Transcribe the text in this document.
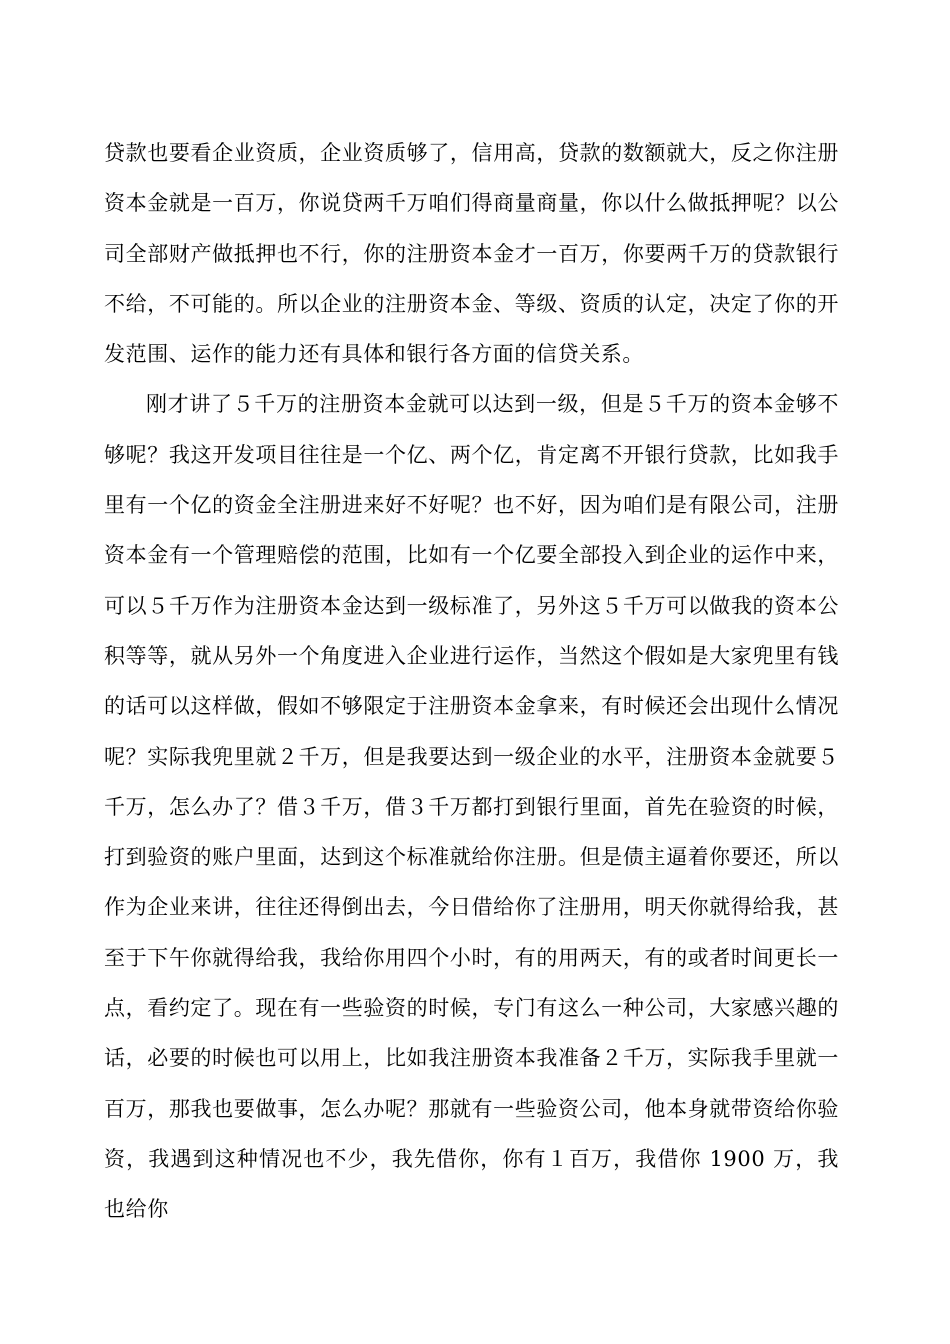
贷款也要看企业资质，企业资质够了，信用高，贷款的数额就大，反之你注册资本金就是一百万，你说贷两千万咱们得商量商量，你以什么做抵押呢？以公司全部财产做抵押也不行，你的注册资本金才一百万，你要两千万的贷款银行不给，不可能的。所以企业的注册资本金、等级、资质的认定，决定了你的开发范围、运作的能力还有具体和银行各方面的信贷关系。

刚才讲了５千万的注册资本金就可以达到一级，但是５千万的资本金够不够呢？我这开发项目往往是一个亿、两个亿，肯定离不开银行贷款，比如我手里有一个亿的资金全注册进来好不好呢？也不好，因为咱们是有限公司，注册资本金有一个管理赔偿的范围，比如有一个亿要全部投入到企业的运作中来，可以５千万作为注册资本金达到一级标准了，另外这５千万可以做我的资本公积等等，就从另外一个角度进入企业进行运作，当然这个假如是大家兜里有钱的话可以这样做，假如不够限定于注册资本金拿来，有时候还会出现什么情况呢？实际我兜里就２千万，但是我要达到一级企业的水平，注册资本金就要５千万，怎么办了？借３千万，借３千万都打到银行里面，首先在验资的时候，打到验资的账户里面，达到这个标准就给你注册。但是债主逼着你要还，所以作为企业来讲，往往还得倒出去，今日借给你了注册用，明天你就得给我，甚至于下午你就得给我，我给你用四个小时，有的用两天，有的或者时间更长一点，看约定了。现在有一些验资的时候，专门有这么一种公司，大家感兴趣的话，必要的时候也可以用上，比如我注册资本我准备２千万，实际我手里就一百万，那我也要做事，怎么办呢？那就有一些验资公司，他本身就带资给你验资，我遇到这种情况也不少，我先借你，你有１百万，我借你 1900 万，我也给你
